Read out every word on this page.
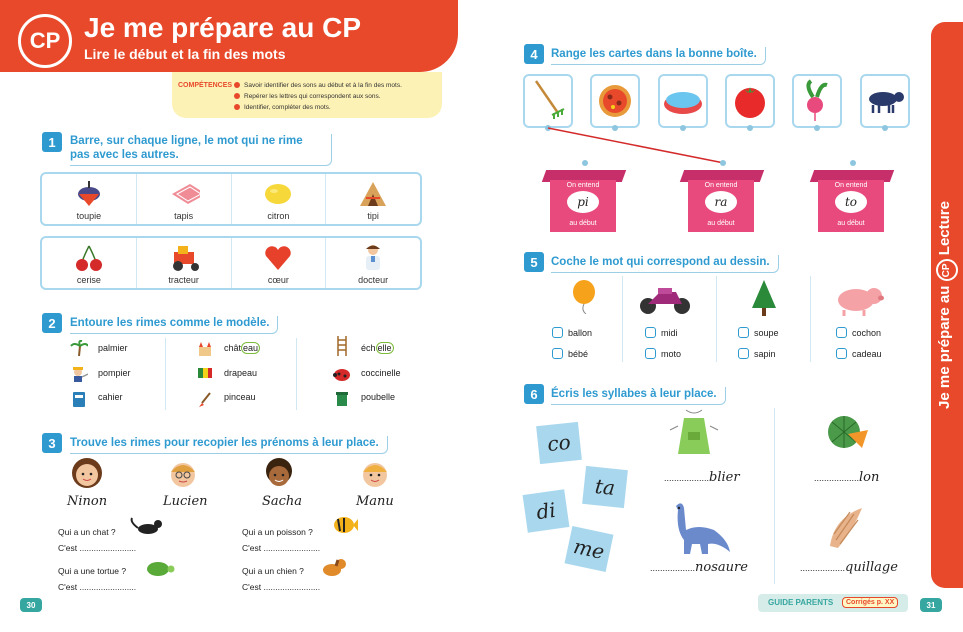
CP Je me prépare au CP
Lire le début et la fin des mots
COMPÉTENCES	Savoir identifier des sons au début et à la fin des mots.
Repérer les lettres qui correspondent aux sons.
Identifier, compléter des mots.
1	Barre, sur chaque ligne, le mot qui ne rime pas avec les autres.
toupie	tapis	citron	tipi
cerise	tracteur	cœur	docteur
2	Entoure les rimes comme le modèle.
palmier
pompier
cahier
chât eau
drapeau
pinceau
éch elle
coccinelle
poubelle
3	Trouve les rimes pour recopier les prénoms à leur place.
Ninon	Lucien	Sacha	Manu
Qui a un chat ?
C'est ........................
Qui a une tortue ?
C'est ........................
Qui a un poisson ?
C'est ........................
Qui a un chien ?
C'est ........................
30
Je me prépare au CP Lecture
4	Range les cartes dans la bonne boîte.
On entend
pi
au début
On entend
ra
au début
On entend
to
au début
5	Coche le mot qui correspond au dessin.
ballon
bébé
midi
moto
soupe
sapin
cochon
cadeau
6	Écris les syllabes à leur place.
co
ta
di
me
..................blier	..................lon
..................nosaure	..................quillage
GUIDE PARENTS	Corrigés p. XX	31
